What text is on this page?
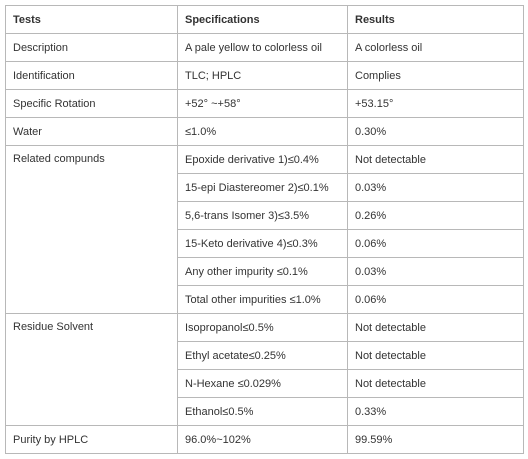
Tests	Specifications	Results
Description	A pale yellow to colorless oil	A colorless oil
Identification	TLC; HPLC	Complies
Specific Rotation	+52° ~+58°	+53.15°
Water	≤1.0%	0.30%
Related compunds	Epoxide derivative 1)≤0.4%	Not detectable
	15-epi Diastereomer 2)≤0.1%	0.03%
	5,6-trans Isomer 3)≤3.5%	0.26%
	15-Keto derivative 4)≤0.3%	0.06%
	Any other impurity ≤0.1%	0.03%
	Total other impurities ≤1.0%	0.06%
Residue Solvent	Isopropanol≤0.5%	Not detectable
	Ethyl acetate≤0.25%	Not detectable
	N-Hexane ≤0.029%	Not detectable
	Ethanol≤0.5%	0.33%
Purity by HPLC	96.0%~102%	99.59%
